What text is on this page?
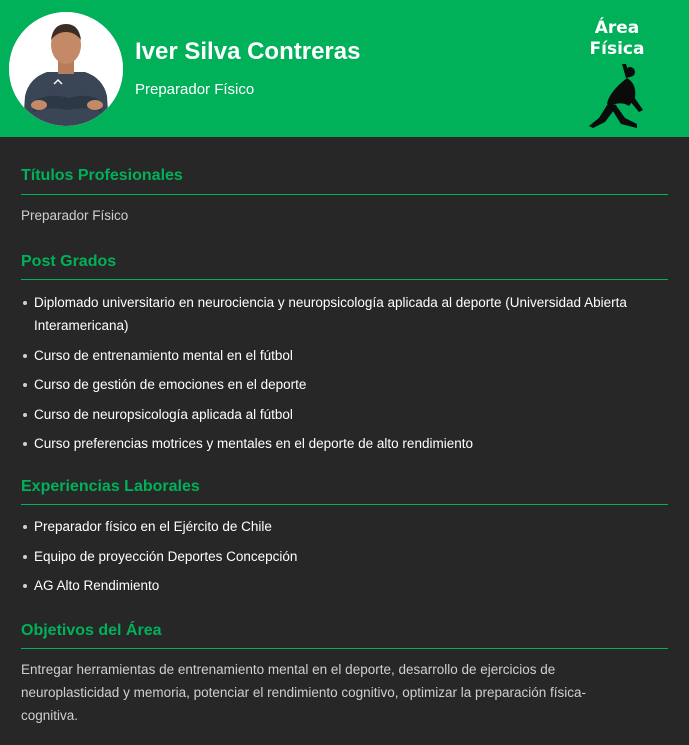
Iver Silva Contreras
Preparador Físico
Área Física
Títulos Profesionales

Preparador Físico

Post Grados
Diplomado universitario en neurociencia y neuropsicología aplicada al deporte (Universidad Abierta Interamericana)
Curso de entrenamiento mental en el fútbol
Curso de gestión de emociones en el deporte
Curso de neuropsicología aplicada al fútbol
Curso preferencias motrices y mentales en el deporte de alto rendimiento
Experiencias Laborales
Preparador físico en el Ejército de Chile
Equipo de proyección Deportes Concepción
AG Alto Rendimiento
Objetivos del Área

Entregar herramientas de entrenamiento mental en el deporte, desarrollo de ejercicios de neuroplasticidad y memoria, potenciar el rendimiento cognitivo, optimizar la preparación física-cognitiva.
